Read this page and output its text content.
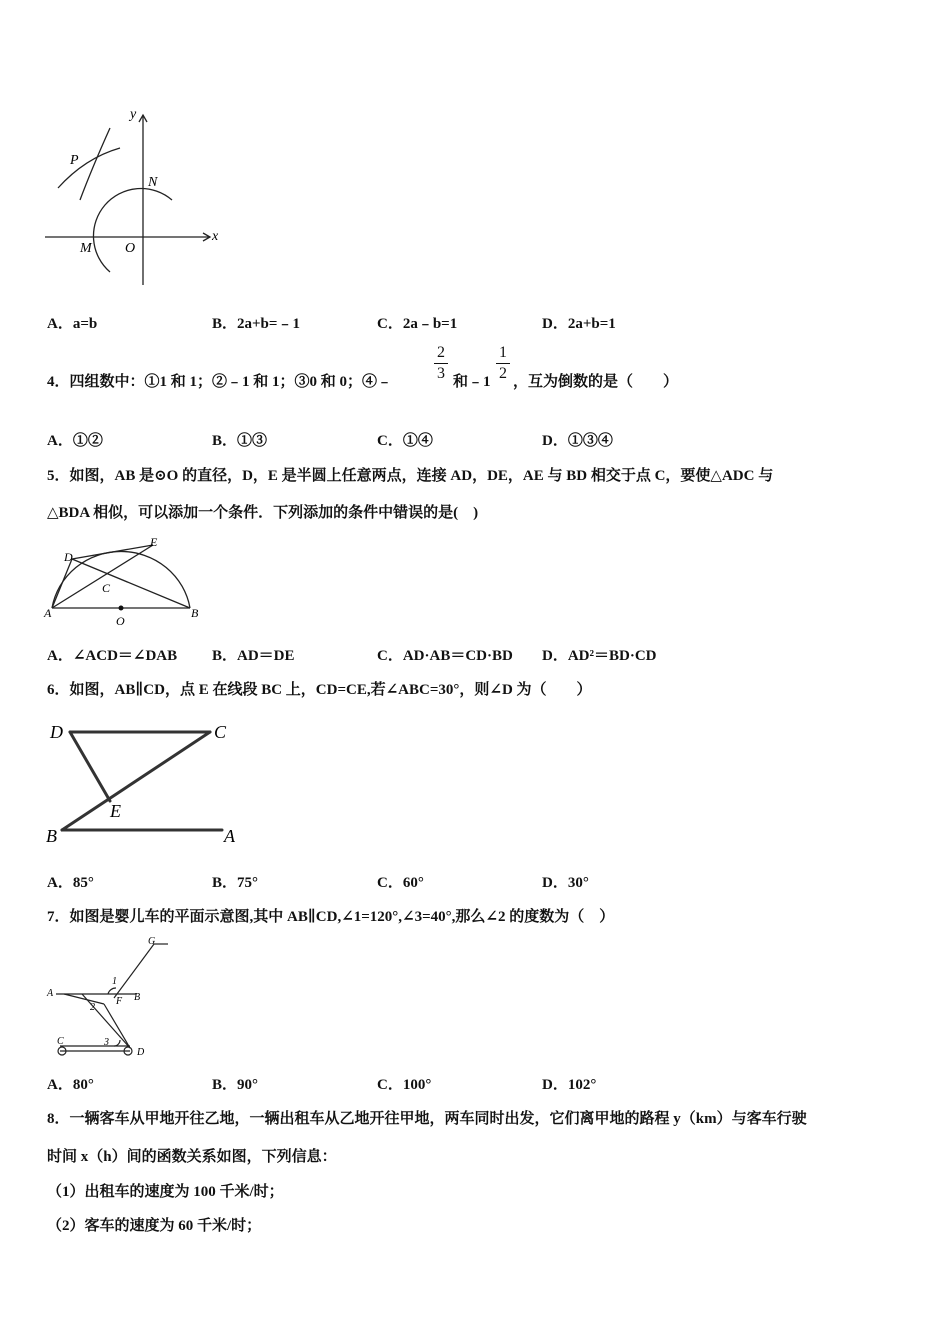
y
x
P
N
M O
A．a=b	B．2a+b=﹣1	C．2a﹣b=1	D．2a+b=1
4．四组数中：①1 和 1；②﹣1 和 1；③0 和 0；④﹣
2
3 和﹣1
1
2 ，互为倒数的是（　　）
A．①②	B．①③	C．①④	D．①③④
5．如图，AB 是⊙O 的直径，D，E 是半圆上任意两点，连接 AD，DE，AE 与 BD 相交于点 C，要使△ADC 与
△BDA 相似，可以添加一个条件．下列添加的条件中错误的是(　)
D
E
C
A	B
O
A．∠ACD＝∠DAB B．AD＝DE	C．AD·AB＝CD·BD D．AD²＝BD·CD
6．如图，AB∥CD，点 E 在线段 BC 上，CD=CE,若∠ABC=30°，则∠D 为（　　）
D	C
E
B	A
A．85°	B．75°	C．60°	D．30°
7．如图是婴儿车的平面示意图,其中 AB∥CD,∠1=120°,∠3=40°,那么∠2 的度数为（　）
G
1
A
F B
2
C	3
D
A．80°	B．90°	C．100°	D．102°
8．一辆客车从甲地开往乙地，一辆出租车从乙地开往甲地，两车同时出发，它们离甲地的路程 y（km）与客车行驶
时间 x（h）间的函数关系如图，下列信息：
（1）出租车的速度为 100 千米/时；
（2）客车的速度为 60 千米/时；
